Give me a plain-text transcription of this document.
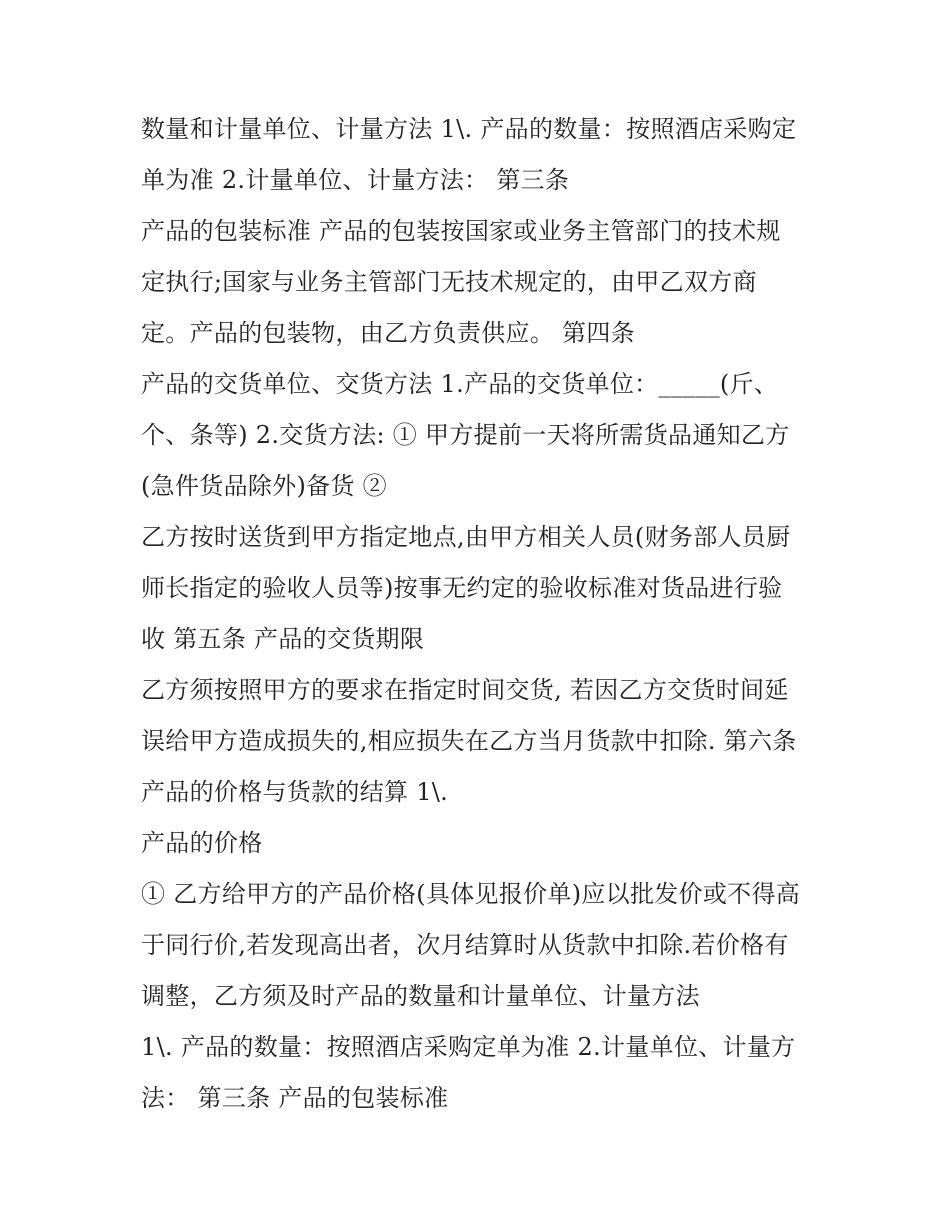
数量和计量单位、计量方法 1\. 产品的数量：按照酒店采购定
单为准 2.计量单位、计量方法： 第三条
产品的包装标准 产品的包装按国家或业务主管部门的技术规
定执行;国家与业务主管部门无技术规定的，由甲乙双方商
定。产品的包装物，由乙方负责供应。 第四条
产品的交货单位、交货方法 1.产品的交货单位：_____(斤、
个、条等) 2.交货方法: ① 甲方提前一天将所需货品通知乙方
(急件货品除外)备货 ②
乙方按时送货到甲方指定地点,由甲方相关人员(财务部人员厨
师长指定的验收人员等)按事无约定的验收标准对货品进行验
收 第五条 产品的交货期限
乙方须按照甲方的要求在指定时间交货, 若因乙方交货时间延
误给甲方造成损失的,相应损失在乙方当月货款中扣除. 第六条
产品的价格与货款的结算 1\.
产品的价格
① 乙方给甲方的产品价格(具体见报价单)应以批发价或不得高
于同行价,若发现高出者，次月结算时从货款中扣除.若价格有
调整，乙方须及时产品的数量和计量单位、计量方法
1\. 产品的数量：按照酒店采购定单为准 2.计量单位、计量方
法： 第三条 产品的包装标准
